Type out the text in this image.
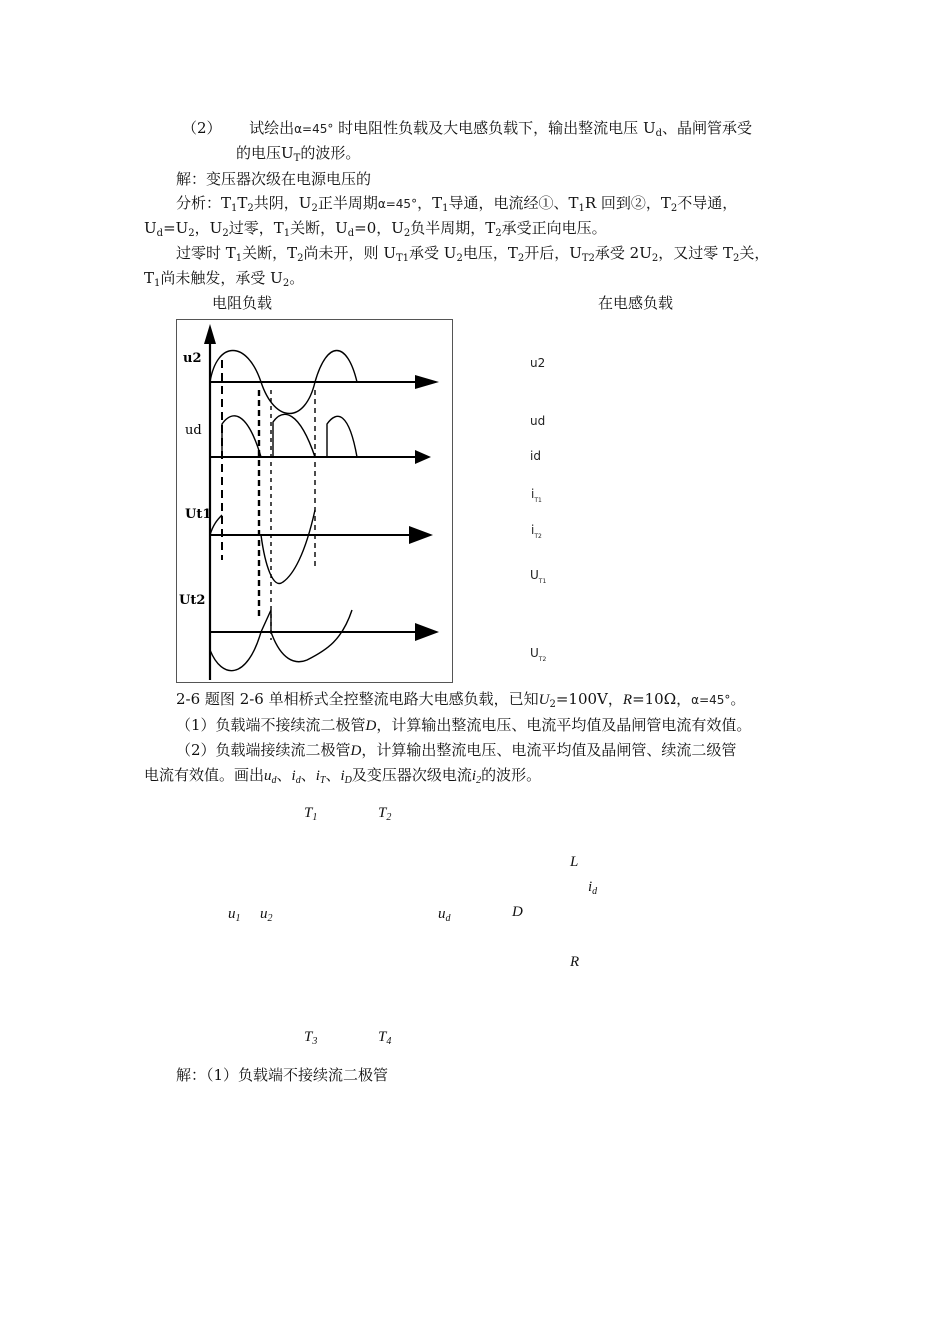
（2） 试绘出α=45° 时电阻性负载及大电感负载下，输出整流电压 $U_d$、晶闸管承受
的电压$U_T$的波形。
解：变压器次级在电源电压的
分析：$T_1T_2$共阴，$U_2$正半周期α=45°，$T_1$导通，电流经①、$T_1R$ 回到②，$T_2$不导通，
$U_d=U_2$，$U_2$过零，$T_1$关断，$U_d=0$，$U_2$负半周期，$T_2$承受正向电压。
过零时 $T_1$关断，$T_2$尚未开，则 $U_{T1}$承受 $U_2$电压，$T_2$开后，$U_{T2}$承受 $2U_2$，又过零 $T_2$关，
$T_1$尚未触发，承受 $U_2$。
电阻负载	在电感负载
u2
ud
Ut1
Ut2
u2
ud
id
$i_{T1}$
$i_{T2}$
$U_{T1}$
$U_{T2}$
2-6 题图 2-6 单相桥式全控整流电路大电感负载，已知$U_2=100V$，R=10Ω，α=45°。
（1）负载端不接续流二极管D，计算输出整流电压、电流平均值及晶闸管电流有效值。
（2）负载端接续流二极管D，计算输出整流电压、电流平均值及晶闸管、续流二级管
电流有效值。画出$u_d$、$i_d$、$i_T$、$i_D$及变压器次级电流$i_2$的波形。
$T_1$	$T_2$
L
$i_d$
$u_1$ $u_2$	$u_d$	D
R
$T_3$	$T_4$
解：（1）负载端不接续流二极管
